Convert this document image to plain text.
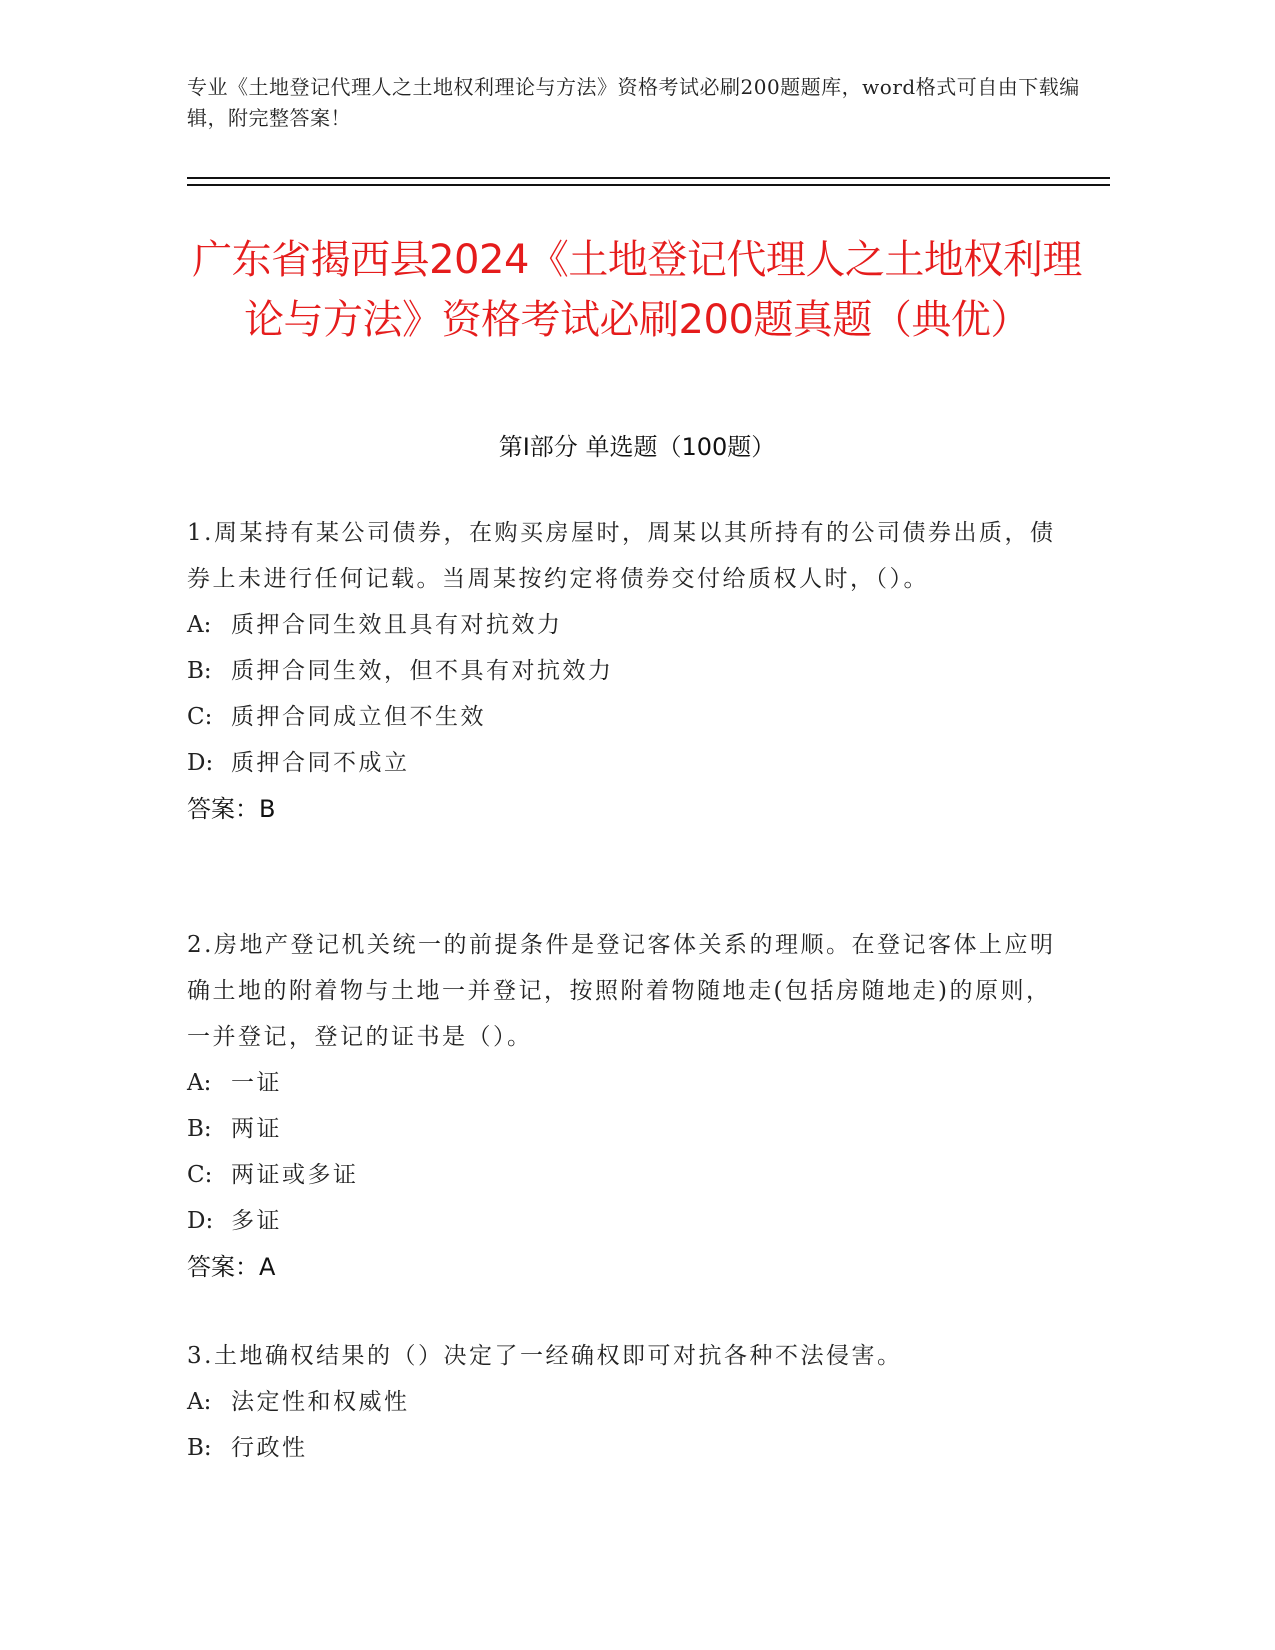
专业《土地登记代理人之土地权利理论与方法》资格考试必刷200题题库，word格式可自由下载编辑，附完整答案！
广东省揭西县2024《土地登记代理人之土地权利理论与方法》资格考试必刷200题真题（典优）
第Ⅰ部分 单选题（100题）

1.周某持有某公司债券，在购买房屋时，周某以其所持有的公司债券出质，债券上未进行任何记载。当周某按约定将债券交付给质权人时，（）。

A: 质押合同生效且具有对抗效力

B: 质押合同生效，但不具有对抗效力

C: 质押合同成立但不生效

D: 质押合同不成立

答案：B

2.房地产登记机关统一的前提条件是登记客体关系的理顺。在登记客体上应明确土地的附着物与土地一并登记，按照附着物随地走(包括房随地走)的原则，一并登记，登记的证书是（）。

A: 一证

B: 两证

C: 两证或多证

D: 多证

答案：A

3.土地确权结果的（）决定了一经确权即可对抗各种不法侵害。

A: 法定性和权威性

B: 行政性
